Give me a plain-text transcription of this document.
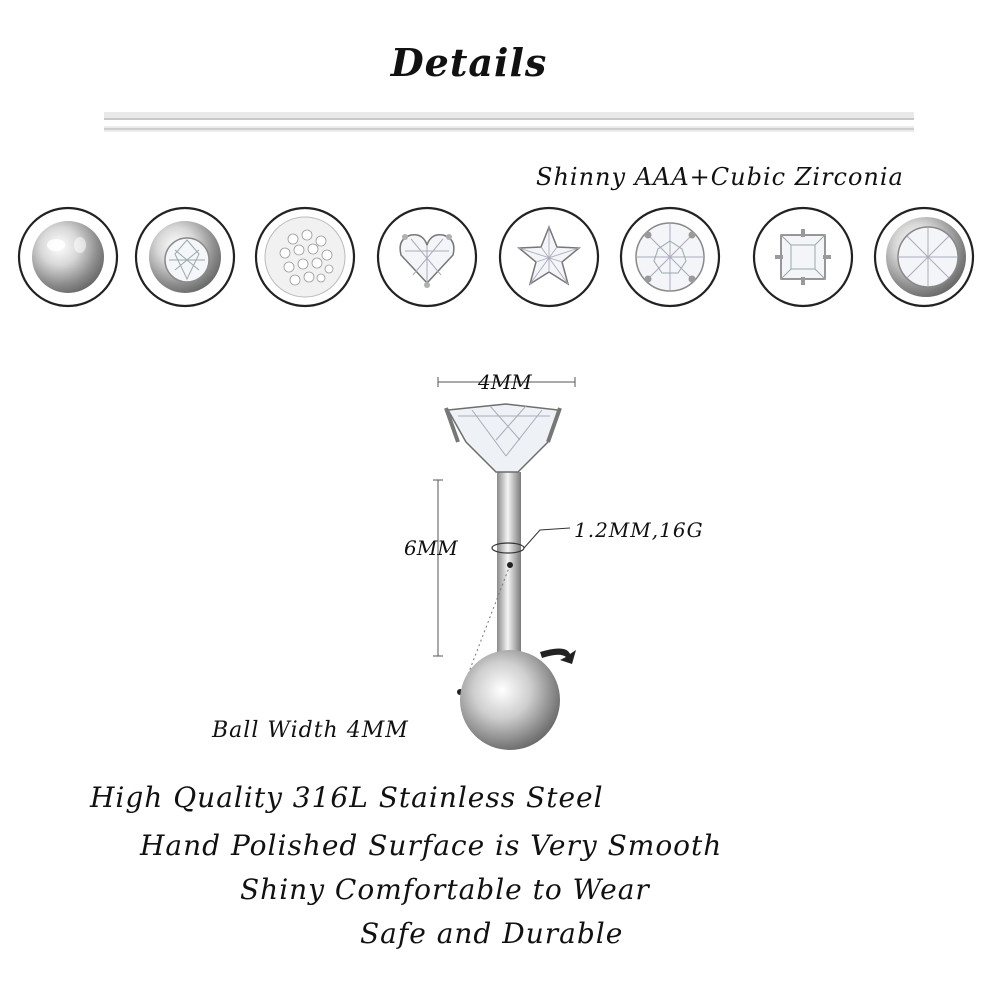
Details
Shinny AAA+Cubic Zirconia
4MM
6MM
1.2MM,16G
Ball Width 4MM
High Quality 316L Stainless Steel
Hand Polished Surface is Very Smooth
Shiny Comfortable to Wear
Safe and Durable
